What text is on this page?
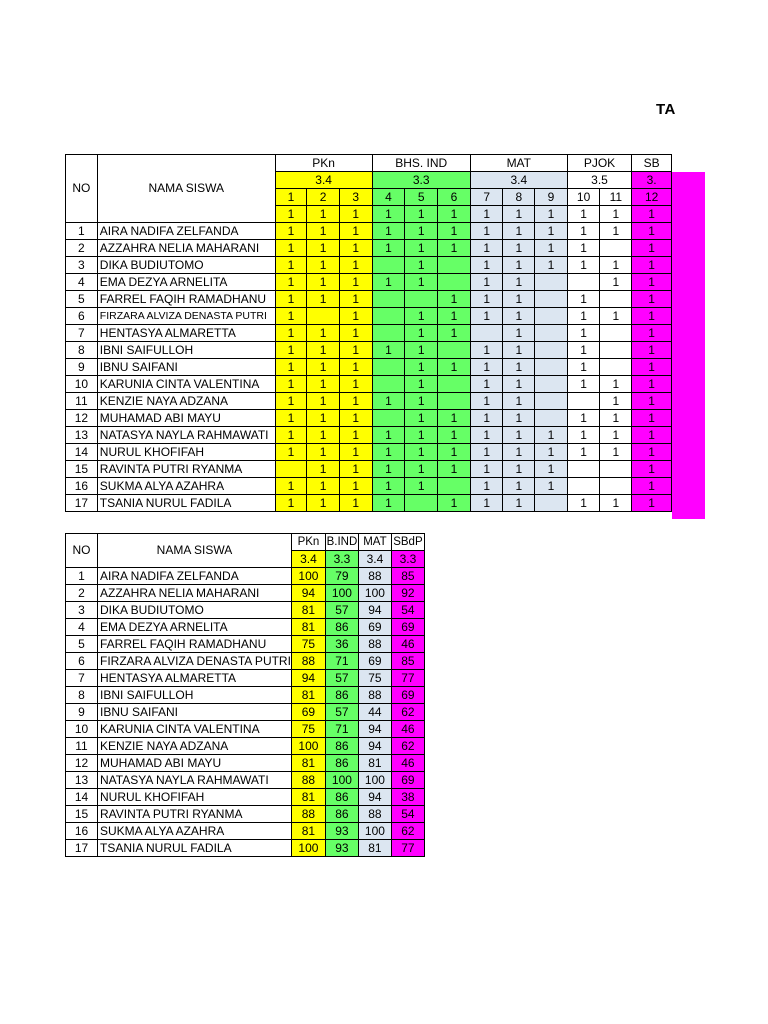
TA
NO	NAMA SISWA	PKn			BHS. IND			MAT			PJOK		SB
		3.4			3.3			3.4			3.5		3.
		1	2	3	4	5	6	7	8	9	10	11	12
		1	1	1	1	1	1	1	1	1	1	1	1
1	AIRA NADIFA ZELFANDA	1	1	1	1	1	1	1	1	1	1	1	1
2	AZZAHRA NELIA MAHARANI	1	1	1	1	1	1	1	1	1	1		1
3	DIKA BUDIUTOMO	1	1	1		1		1	1	1	1	1	1
4	EMA DEZYA ARNELITA	1	1	1	1	1		1	1			1	1
5	FARREL FAQIH RAMADHANU	1	1	1			1	1	1		1		1
6	FIRZARA ALVIZA DENASTA PUTRI	1		1		1	1	1	1		1	1	1
7	HENTASYA ALMARETTA	1	1	1		1	1		1		1		1
8	IBNI SAIFULLOH	1	1	1	1	1		1	1		1		1
9	IBNU SAIFANI	1	1	1		1	1	1	1		1		1
10	KARUNIA CINTA VALENTINA	1	1	1		1		1	1		1	1	1
11	KENZIE NAYA ADZANA	1	1	1	1	1		1	1			1	1
12	MUHAMAD ABI MAYU	1	1	1		1	1	1	1		1	1	1
13	NATASYA NAYLA RAHMAWATI	1	1	1	1	1	1	1	1	1	1	1	1
14	NURUL KHOFIFAH	1	1	1	1	1	1	1	1	1	1	1	1
15	RAVINTA PUTRI RYANMA		1	1	1	1	1	1	1	1			1
16	SUKMA ALYA AZAHRA	1	1	1	1	1		1	1	1			1
17	TSANIA NURUL FADILA	1	1	1	1		1	1	1		1	1	1
NO	NAMA SISWA	PKn	B.IND	MAT	SBdP
		3.4	3.3	3.4	3.3
1	AIRA NADIFA ZELFANDA	100	79	88	85
2	AZZAHRA NELIA MAHARANI	94	100	100	92
3	DIKA BUDIUTOMO	81	57	94	54
4	EMA DEZYA ARNELITA	81	86	69	69
5	FARREL FAQIH RAMADHANU	75	36	88	46
6	FIRZARA ALVIZA DENASTA PUTRI	88	71	69	85
7	HENTASYA ALMARETTA	94	57	75	77
8	IBNI SAIFULLOH	81	86	88	69
9	IBNU SAIFANI	69	57	44	62
10	KARUNIA CINTA VALENTINA	75	71	94	46
11	KENZIE NAYA ADZANA	100	86	94	62
12	MUHAMAD ABI MAYU	81	86	81	46
13	NATASYA NAYLA RAHMAWATI	88	100	100	69
14	NURUL KHOFIFAH	81	86	94	38
15	RAVINTA PUTRI RYANMA	88	86	88	54
16	SUKMA ALYA AZAHRA	81	93	100	62
17	TSANIA NURUL FADILA	100	93	81	77
